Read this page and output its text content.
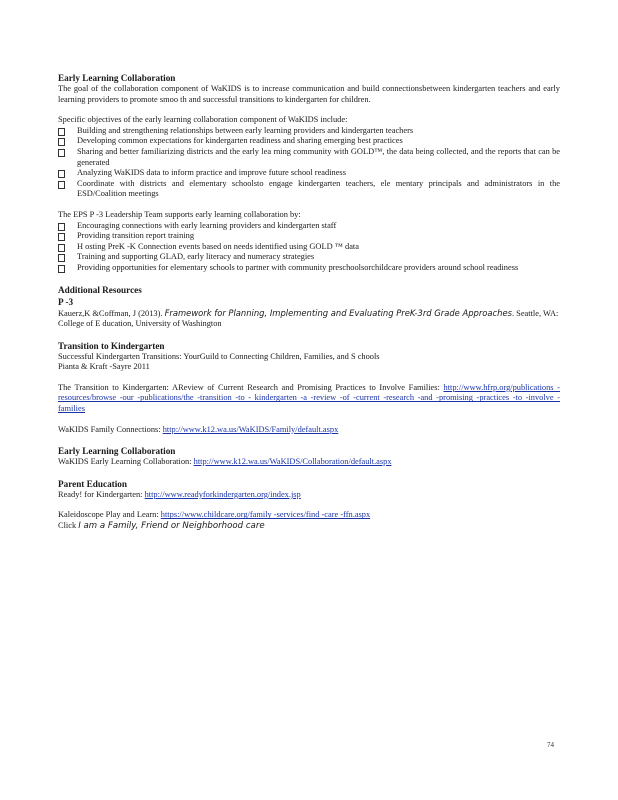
Early Learning Collaboration
The goal of the collaboration component of WaKIDS is to increase communication and build connectionsbetween kindergarten teachers and early learning providers to promote smoo th and successful transitions to kindergarten for children.
Specific objectives of the early learning collaboration component of WaKIDS include:
Building and strengthening relationships between early learning providers and kindergarten teachers
Developing common expectations for kindergarten readiness and sharing emerging best practices
Sharing and better familiarizing districts and the early lea rning community with GOLD™, the data being collected, and the reports that can be generated
Analyzing WaKIDS data to inform practice and improve future school readiness
Coordinate with districts and elementary schoolsto engage kindergarten teachers, ele mentary principals and administrators in the ESD/Coalition meetings
The EPS P -3 Leadership Team supports early learning collaboration by:
Encouraging connections with early learning providers and kindergarten staff
Providing transition report training
H osting PreK -K Connection events based on needs identified using GOLD ™ data
Training and supporting GLAD, early literacy and numeracy strategies
Providing opportunities for elementary schools to partner with community preschoolsorchildcare providers around school readiness
Additional Resources
P -3
Kauerz,K &Coffman, J (2013). Framework for Planning, Implementing and Evaluating PreK-3rd Grade Approaches. Seattle, WA: College of E ducation, University of Washington
Transition to Kindergarten
Successful Kindergarten Transitions: YourGuild to Connecting Children, Families, and S chools
Pianta & Kraft -Sayre 2011
The Transition to Kindergarten: AReview of Current Research and Promising Practices to Involve Families: http://www.hfrp.org/publications -resources/browse -our -publications/the -transition -to - kindergarten -a -review -of -current -research -and -promising -practices -to -involve -families
WaKIDS Family Connections: http://www.k12.wa.us/WaKIDS/Family/default.aspx
Early Learning Collaboration
WaKIDS Early Learning Collaboration: http://www.k12.wa.us/WaKIDS/Collaboration/default.aspx
Parent Education
Ready! for Kindergarten: http://www.readyforkindergarten.org/index.jsp
Kaleidoscope Play and Learn: https://www.childcare.org/family -services/find -care -ffn.aspx
Click I am a Family, Friend or Neighborhood care
74
